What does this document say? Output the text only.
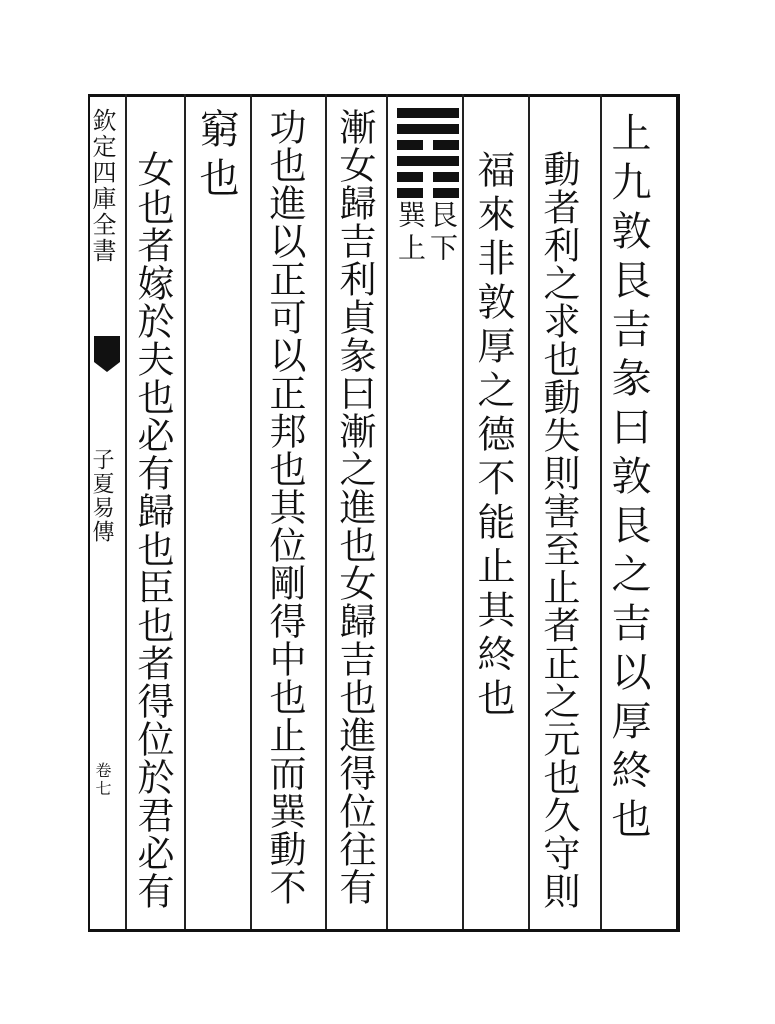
欽定四庫全書
子夏易傳
卷七	上九敦艮吉彖曰敦艮之吉以厚終也
動者利之求也動失則害至止者正之元也久守則
福來非敦厚之德不能止其終也
艮下
巽上
漸女歸吉利貞彖曰漸之進也女歸吉也進得位往有
功也進以正可以正邦也其位剛得中也止而巽動不
窮也
女也者嫁於夫也必有歸也臣也者得位於君必有
